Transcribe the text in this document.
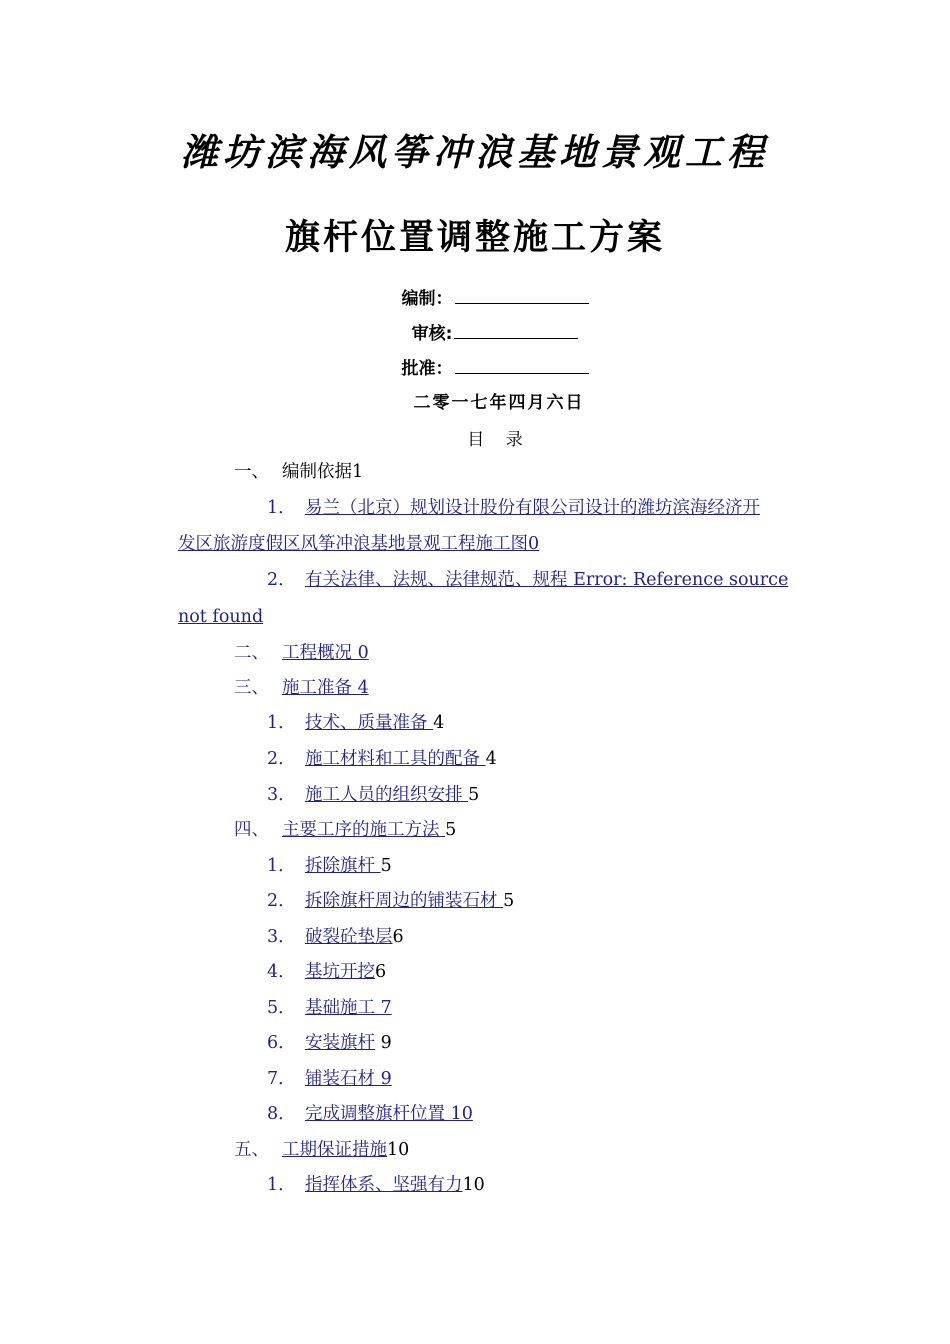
潍坊滨海风筝冲浪基地景观工程
旗杆位置调整施工方案
编制：
审核:
批准：
二零一七年四月六日
目 录
一、 编制依据1
1． 易兰（北京）规划设计股份有限公司设计的潍坊滨海经济开
发区旅游度假区风筝冲浪基地景观工程施工图0
2． 有关法律、法规、法律规范、规程 Error: Reference source
not found
二、 工程概况 0
三、 施工准备 4
1． 技术、质量准备 4
2． 施工材料和工具的配备 4
3． 施工人员的组织安排 5
四、 主要工序的施工方法 5
1． 拆除旗杆 5
2． 拆除旗杆周边的铺装石材 5
3． 破裂砼垫层6
4． 基坑开挖6
5． 基础施工 7
6． 安装旗杆 9
7． 铺装石材 9
8． 完成调整旗杆位置 10
五、 工期保证措施10
1． 指挥体系、坚强有力10
